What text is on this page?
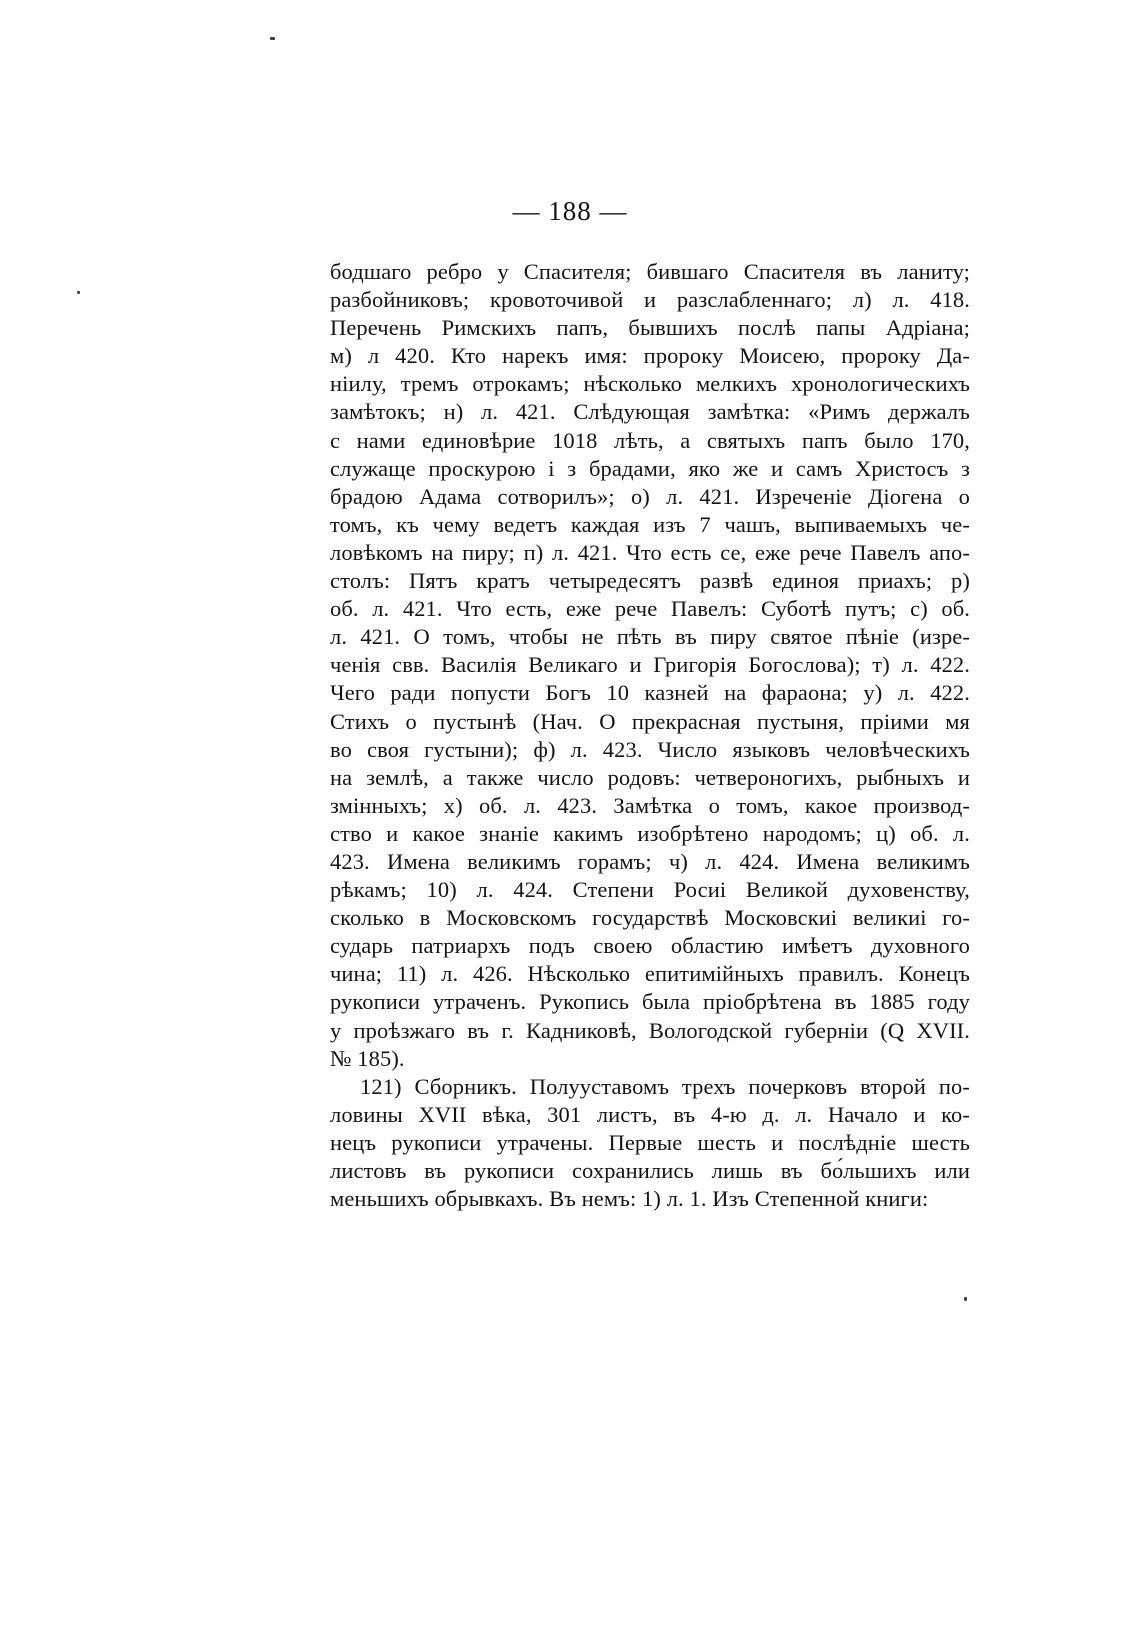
— 188 —
бодшаго ребро у Спасителя; бившаго Спасителя въ ланиту;
разбойниковъ; кровоточивой и разслабленнаго; л) л. 418.
Перечень Римскихъ папъ, бывшихъ послѣ папы Адріана;
м) л 420. Кто нарекъ имя: пророку Моисею, пророку Да-
ніилу, тремъ отрокамъ; нѣсколько мелкихъ хронологическихъ
замѣтокъ; н) л. 421. Слѣдующая замѣтка: «Римъ держалъ
с нами единовѣрие 1018 лѣть, а святыхъ папъ было 170,
служаще проскурою і з брадами, яко же и самъ Христосъ з
брадою Адама сотворилъ»; о) л. 421. Изреченіе Діогена о
томъ, къ чему ведетъ каждая изъ 7 чашъ, выпиваемыхъ че-
ловѣкомъ на пиру; п) л. 421. Что есть се, еже рече Павелъ апо-
столъ: Пятъ кратъ четыредесятъ развѣ единоя приахъ; р)
об. л. 421. Что есть, еже рече Павелъ: Суботѣ путъ; с) об.
л. 421. О томъ, чтобы не пѣть въ пиру святое пѣніе (изре-
ченія свв. Василія Великаго и Григорія Богослова); т) л. 422.
Чего ради попусти Богъ 10 казней на фараона; у) л. 422.
Стихъ о пустынѣ (Нач. О прекрасная пустыня, пріими мя
во своя густыни); ф) л. 423. Число языковъ человѣческихъ
на землѣ, а также число родовъ: четвероногихъ, рыбныхъ и
змінныхъ; х) об. л. 423. Замѣтка о томъ, какое производ-
ство и какое знаніе какимъ изобрѣтено народомъ; ц) об. л.
423. Имена великимъ горамъ; ч) л. 424. Имена великимъ
рѣкамъ; 10) л. 424. Степени Росиі Великой духовенству,
сколько в Московскомъ государствѣ Московскиі великиі го-
сударь патриархъ подъ своею областию имѣетъ духовного
чина; 11) л. 426. Нѣсколько епитимійныхъ правилъ. Конецъ
рукописи утраченъ. Рукопись была пріобрѣтена въ 1885 году
у проѣзжаго въ г. Кадниковѣ, Вологодской губерніи (Q XVII.
№ 185).
121) Сборникъ. Полууставомъ трехъ почерковъ второй по-
ловины XVII вѣка, 301 листъ, въ 4-ю д. л. Начало и ко-
нецъ рукописи утрачены. Первые шесть и послѣдніе шесть
листовъ въ рукописи сохранились лишь въ бо́льшихъ или
меньшихъ обрывкахъ. Въ немъ: 1) л. 1. Изъ Степенной книги:
